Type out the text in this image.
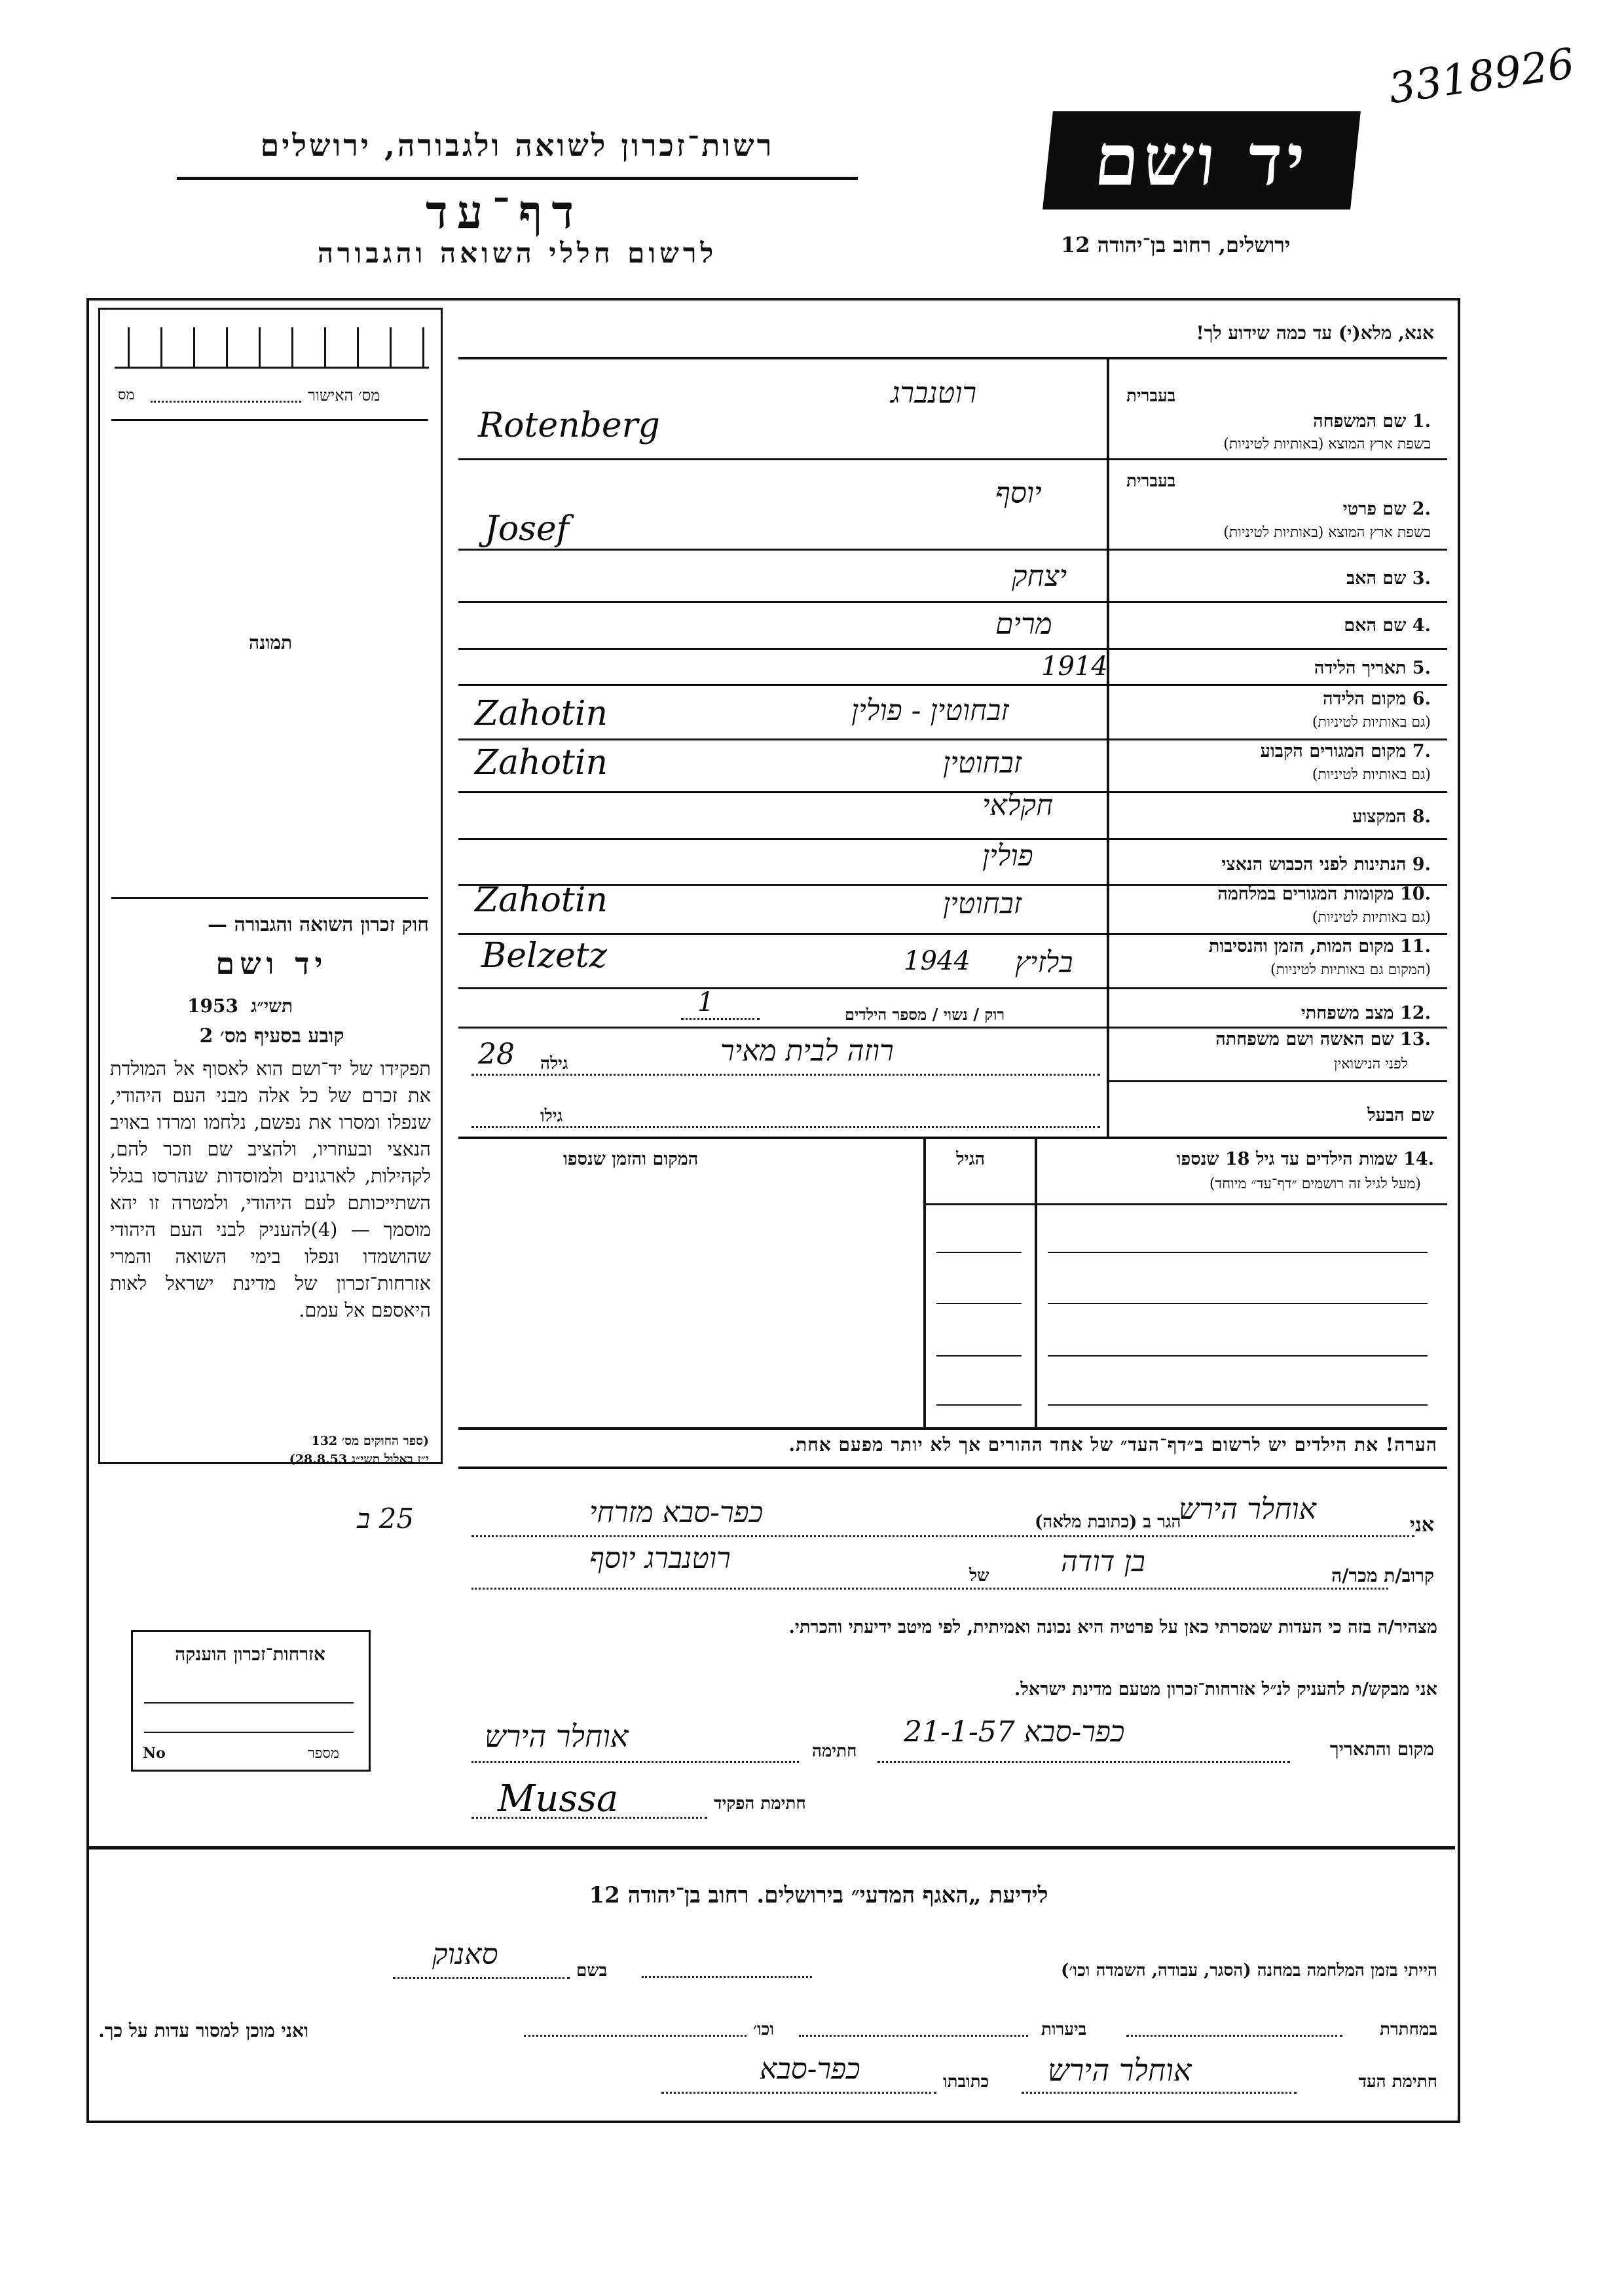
3318926
יד ושם
ירושלים, רחוב בן־יהודה 12
רשות־זכרון לשואה ולגבורה, ירושלים
דף־עד
לרשום חללי השואה והגבורה
מס׳ האישור
מס
תמונה
חוק זכרון השואה והגבורה —
יד ושם
תשי״ג
1953
קובע בסעיף מס׳ 2
תפקידו של יד־ושם הוא לאסוף אל המולדת את זכרם של כל אלה מבני העם היהודי, שנפלו ומסרו את נפשם, נלחמו ומרדו באויב הנאצי ובעוזריו, ולהציב שם וזכר להם, לקהילות, לארגונים ולמוסדות שנהרסו בגלל השתייכותם לעם היהודי, ולמטרה זו יהא מוסמך — (4)להעניק לבני העם היהודי שהושמדו ונפלו בימי השואה והמרי אזרחות־זכרון של מדינת ישראל לאות היאספם אל עמם.
(ספר החוקים מס׳ 132
י״ז באלול תשי״ג 28.8.53)
אזרחות־זכרון הוענקה
מספר
No
אנא, מלא(י) עד כמה שידוע לך!
בעברית
.1 שם המשפחה
בשפת ארץ המוצא (באותיות לטיניות)
רוטנברג
Rotenberg
בעברית
.2 שם פרטי
בשפת ארץ המוצא (באותיות לטיניות)
יוסף
Josef
.3 שם האב
יצחק
.4 שם האם
מרים
.5 תאריך הלידה
1914
.6 מקום הלידה
(גם באותיות לטיניות)
זבחוטין - פולין
Zahotin
.7 מקום המגורים הקבוע
(גם באותיות לטיניות)
זבחוטין
Zahotin
.8 המקצוע
חקלאי
.9 הנתינות לפני הכבוש הנאצי
פולין
.10 מקומות המגורים במלחמה
(גם באותיות לטיניות)
זבחוטין
Zahotin
.11 מקום המות, הזמן והנסיבות
(המקום גם באותיות לטיניות)
בלזיץ
1944
Belzetz
.12 מצב משפחתי
רוק / נשוי / מספר הילדים
1
.13 שם האשה ושם משפחתה
לפני הנישואין
רוזה לבית מאיר
גילה
28
שם הבעל
גילו
.14 שמות הילדים עד גיל 18 שנספו
(מעל לגיל זה רושמים ״דף־עד״ מיוחד)
הגיל
המקום והזמן שנספו
הערה! את הילדים יש לרשום ב״דף־העד״ של אחד ההורים אך לא יותר מפעם אחת.
אני
אוחלר הירש
הגר ב (כתובת מלאה)
כפר-סבא מזרחי
25 ב
קרוב/ת מכר/ה
בן דודה
של
רוטנברג יוסף
מצהיר/ה בזה כי העדות שמסרתי כאן על פרטיה היא נכונה ואמיתית, לפי מיטב ידיעתי והכרתי.
אני מבקש/ת להעניק לנ״ל אזרחות־זכרון מטעם מדינת ישראל.
מקום והתאריך
כפר-סבא 21-1-57
חתימה
אוחלר הירש
חתימת הפקיד
Mussa
לידיעת „האגף המדעי״ בירושלים. רחוב בן־יהודה 12
הייתי בזמן המלחמה במחנה (הסגר, עבודה, השמדה וכו׳)
בשם
סאנוק
במחתרת
ביערות
וכו׳
ואני מוכן למסור עדות על כך.
חתימת העד
אוחלר הירש
כתובתו
כפר-סבא
